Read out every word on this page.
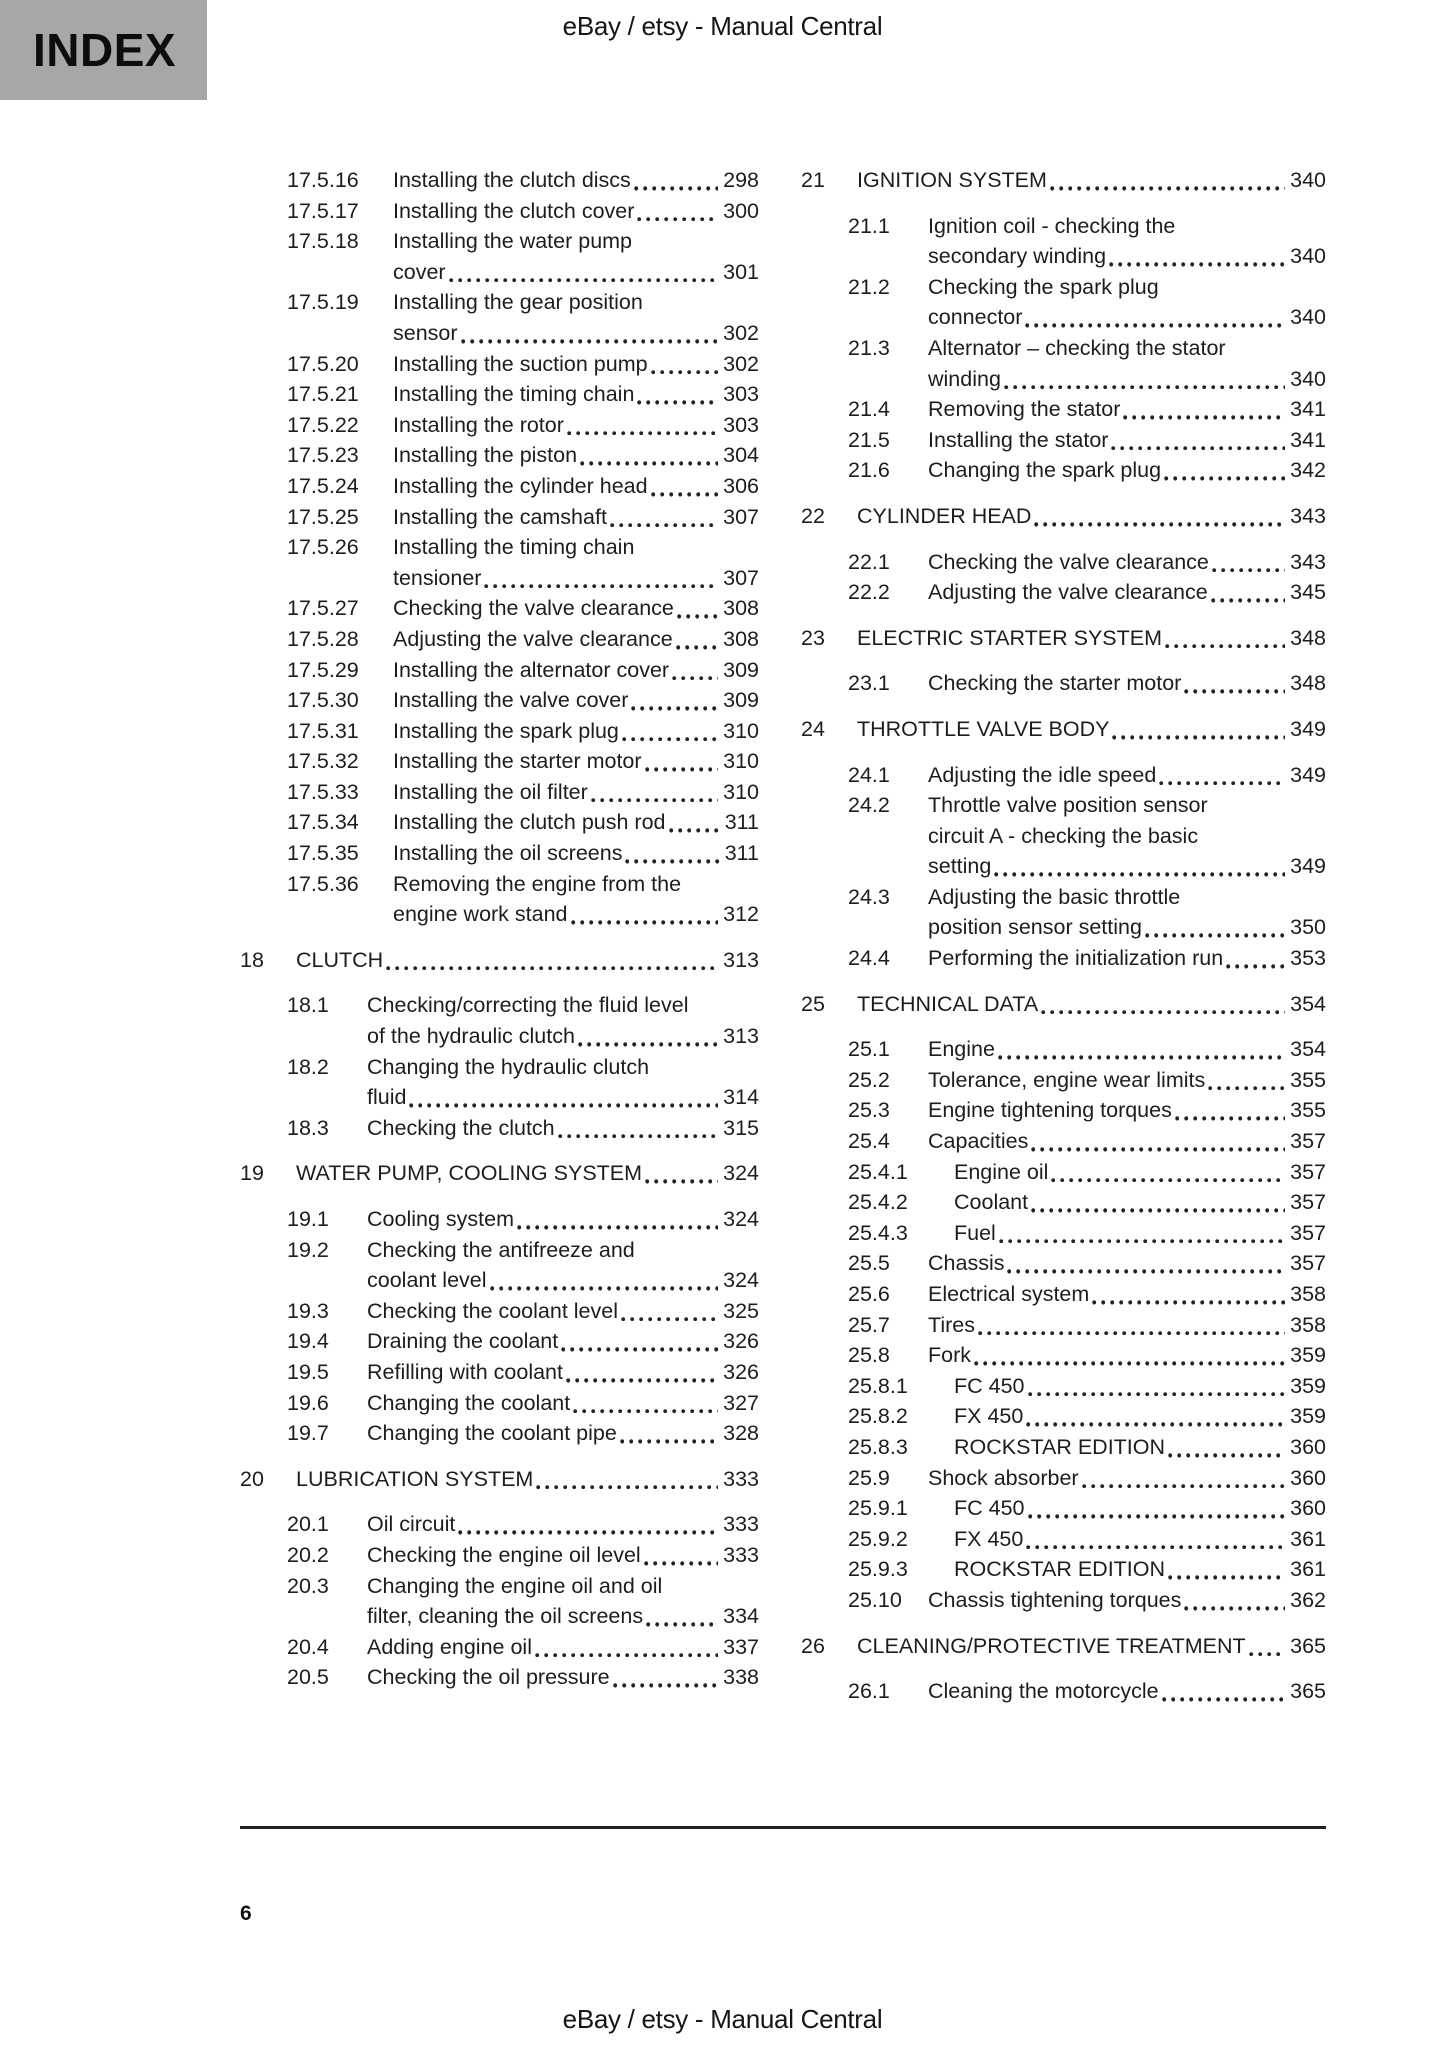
INDEX	eBay / etsy - Manual Central
17.5.16	Installing the clutch discs	298
17.5.17	Installing the clutch cover	300
17.5.18	Installing the water pump
cover	301
17.5.19	Installing the gear position
sensor	302
17.5.20	Installing the suction pump	302
17.5.21	Installing the timing chain	303
17.5.22	Installing the rotor	303
17.5.23	Installing the piston	304
17.5.24	Installing the cylinder head	306
17.5.25	Installing the camshaft	307
17.5.26	Installing the timing chain
tensioner	307
17.5.27	Checking the valve clearance 308
17.5.28	Adjusting the valve clearance 308
17.5.29	Installing the alternator cover	309
17.5.30	Installing the valve cover	309
17.5.31	Installing the spark plug	310
17.5.32	Installing the starter motor	310
17.5.33	Installing the oil filter	310
17.5.34	Installing the clutch push rod	311
17.5.35	Installing the oil screens	311
17.5.36	Removing the engine from the
engine work stand	312
18	CLUTCH	313
18.1	Checking/correcting the fluid level
of the hydraulic clutch	313
18.2	Changing the hydraulic clutch
fluid	314
18.3	Checking the clutch	315
19	WATER PUMP, COOLING SYSTEM	324
19.1	Cooling system	324
19.2	Checking the antifreeze and
coolant level	324
19.3	Checking the coolant level	325
19.4	Draining the coolant	326
19.5	Refilling with coolant	326
19.6	Changing the coolant	327
19.7	Changing the coolant pipe	328
20	LUBRICATION SYSTEM	333
20.1	Oil circuit	333
20.2	Checking the engine oil level	333
20.3	Changing the engine oil and oil
filter, cleaning the oil screens	334
20.4	Adding engine oil	337
20.5	Checking the oil pressure	338
21	IGNITION SYSTEM	340
21.1	Ignition coil - checking the
secondary winding	340
21.2	Checking the spark plug
connector	340
21.3	Alternator – checking the stator
winding	340
21.4	Removing the stator	341
21.5	Installing the stator	341
21.6	Changing the spark plug	342
22	CYLINDER HEAD	343
22.1	Checking the valve clearance	343
22.2	Adjusting the valve clearance	345
23	ELECTRIC STARTER SYSTEM	348
23.1	Checking the starter motor	348
24	THROTTLE VALVE BODY	349
24.1	Adjusting the idle speed	349
24.2	Throttle valve position sensor
circuit A - checking the basic
setting	349
24.3	Adjusting the basic throttle
position sensor setting	350
24.4	Performing the initialization run	353
25	TECHNICAL DATA	354
25.1	Engine	354
25.2	Tolerance, engine wear limits	355
25.3	Engine tightening torques	355
25.4	Capacities	357
25.4.1	Engine oil	357
25.4.2	Coolant	357
25.4.3	Fuel	357
25.5	Chassis	357
25.6	Electrical system	358
25.7	Tires	358
25.8	Fork	359
25.8.1	FC 450	359
25.8.2	FX 450	359
25.8.3	ROCKSTAR EDITION	360
25.9	Shock absorber	360
25.9.1	FC 450	360
25.9.2	FX 450	361
25.9.3	ROCKSTAR EDITION	361
25.10	Chassis tightening torques	362
26	CLEANING/PROTECTIVE TREATMENT 365
26.1	Cleaning the motorcycle	365
6
eBay / etsy - Manual Central
